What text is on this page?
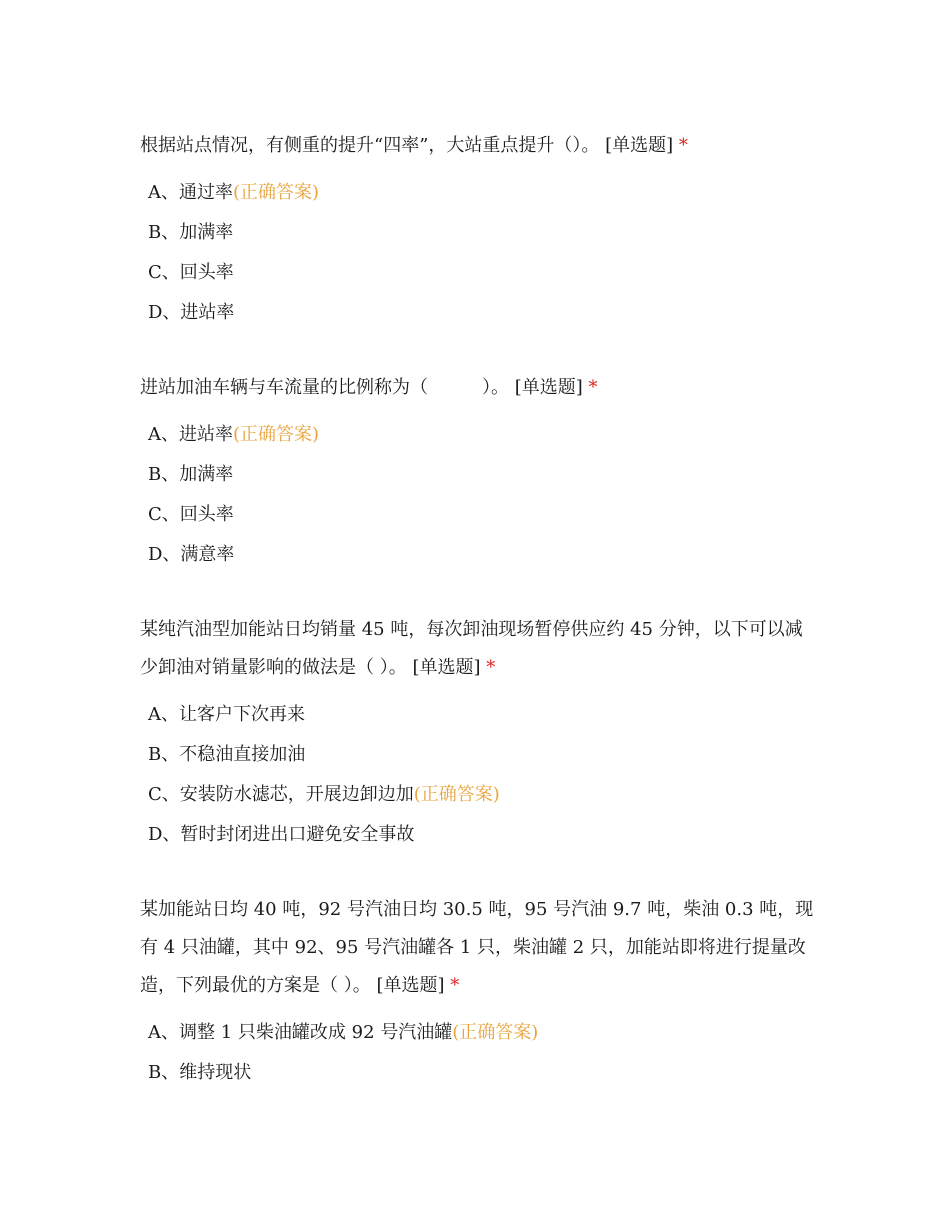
根据站点情况，有侧重的提升“四率”，大站重点提升（）。 [单选题] *

A、通过率(正确答案)
B、加满率
C、回头率
D、进站率

进站加油车辆与车流量的比例称为（　　　）。 [单选题] *

A、进站率(正确答案)
B、加满率
C、回头率
D、满意率

某纯汽油型加能站日均销量 45 吨，每次卸油现场暂停供应约 45 分钟，以下可以减少卸油对销量影响的做法是（ ）。 [单选题] *

A、让客户下次再来
B、不稳油直接加油
C、安装防水滤芯，开展边卸边加(正确答案)
D、暂时封闭进出口避免安全事故

某加能站日均 40 吨，92 号汽油日均 30.5 吨，95 号汽油 9.7 吨，柴油 0.3 吨，现有 4 只油罐，其中 92、95 号汽油罐各 1 只，柴油罐 2 只，加能站即将进行提量改造，下列最优的方案是（ ）。 [单选题] *

A、调整 1 只柴油罐改成 92 号汽油罐(正确答案)
B、维持现状
